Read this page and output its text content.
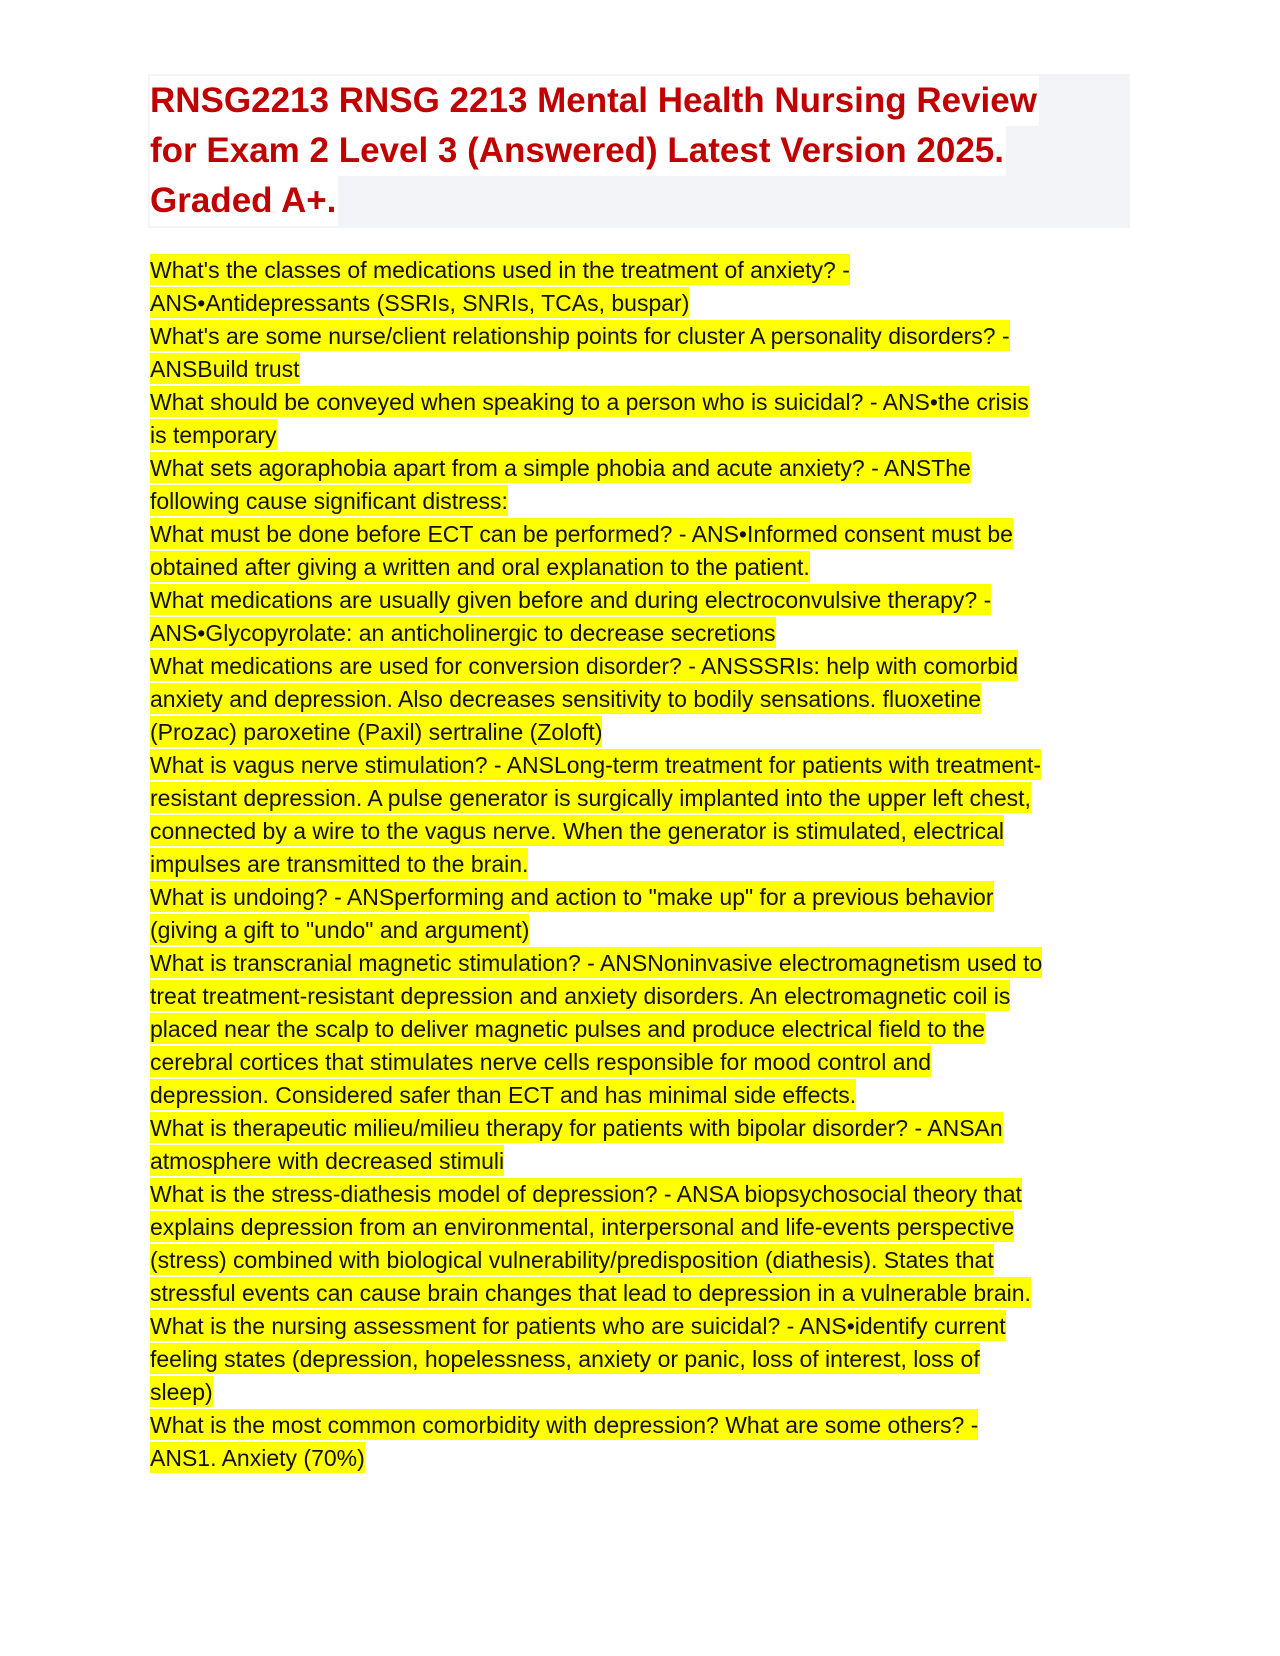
RNSG2213 RNSG 2213 Mental Health Nursing Review
for Exam 2 Level 3 (Answered) Latest Version 2025.
Graded A+.
What's the classes of medications used in the treatment of anxiety? -
ANS•Antidepressants (SSRIs, SNRIs, TCAs, buspar)
What's are some nurse/client relationship points for cluster A personality disorders? -
ANSBuild trust
What should be conveyed when speaking to a person who is suicidal? - ANS•the crisis
is temporary
What sets agoraphobia apart from a simple phobia and acute anxiety? - ANSThe
following cause significant distress:
What must be done before ECT can be performed? - ANS•Informed consent must be
obtained after giving a written and oral explanation to the patient.
What medications are usually given before and during electroconvulsive therapy? -
ANS•Glycopyrolate: an anticholinergic to decrease secretions
What medications are used for conversion disorder? - ANSSSRIs: help with comorbid
anxiety and depression. Also decreases sensitivity to bodily sensations. fluoxetine
(Prozac) paroxetine (Paxil) sertraline (Zoloft)
What is vagus nerve stimulation? - ANSLong-term treatment for patients with treatment-
resistant depression. A pulse generator is surgically implanted into the upper left chest,
connected by a wire to the vagus nerve. When the generator is stimulated, electrical
impulses are transmitted to the brain.
What is undoing? - ANSperforming and action to "make up" for a previous behavior
(giving a gift to "undo" and argument)
What is transcranial magnetic stimulation? - ANSNoninvasive electromagnetism used to
treat treatment-resistant depression and anxiety disorders. An electromagnetic coil is
placed near the scalp to deliver magnetic pulses and produce electrical field to the
cerebral cortices that stimulates nerve cells responsible for mood control and
depression. Considered safer than ECT and has minimal side effects.
What is therapeutic milieu/milieu therapy for patients with bipolar disorder? - ANSAn
atmosphere with decreased stimuli
What is the stress-diathesis model of depression? - ANSA biopsychosocial theory that
explains depression from an environmental, interpersonal and life-events perspective
(stress) combined with biological vulnerability/predisposition (diathesis). States that
stressful events can cause brain changes that lead to depression in a vulnerable brain.
What is the nursing assessment for patients who are suicidal? - ANS•identify current
feeling states (depression, hopelessness, anxiety or panic, loss of interest, loss of
sleep)
What is the most common comorbidity with depression? What are some others? -
ANS1. Anxiety (70%)
